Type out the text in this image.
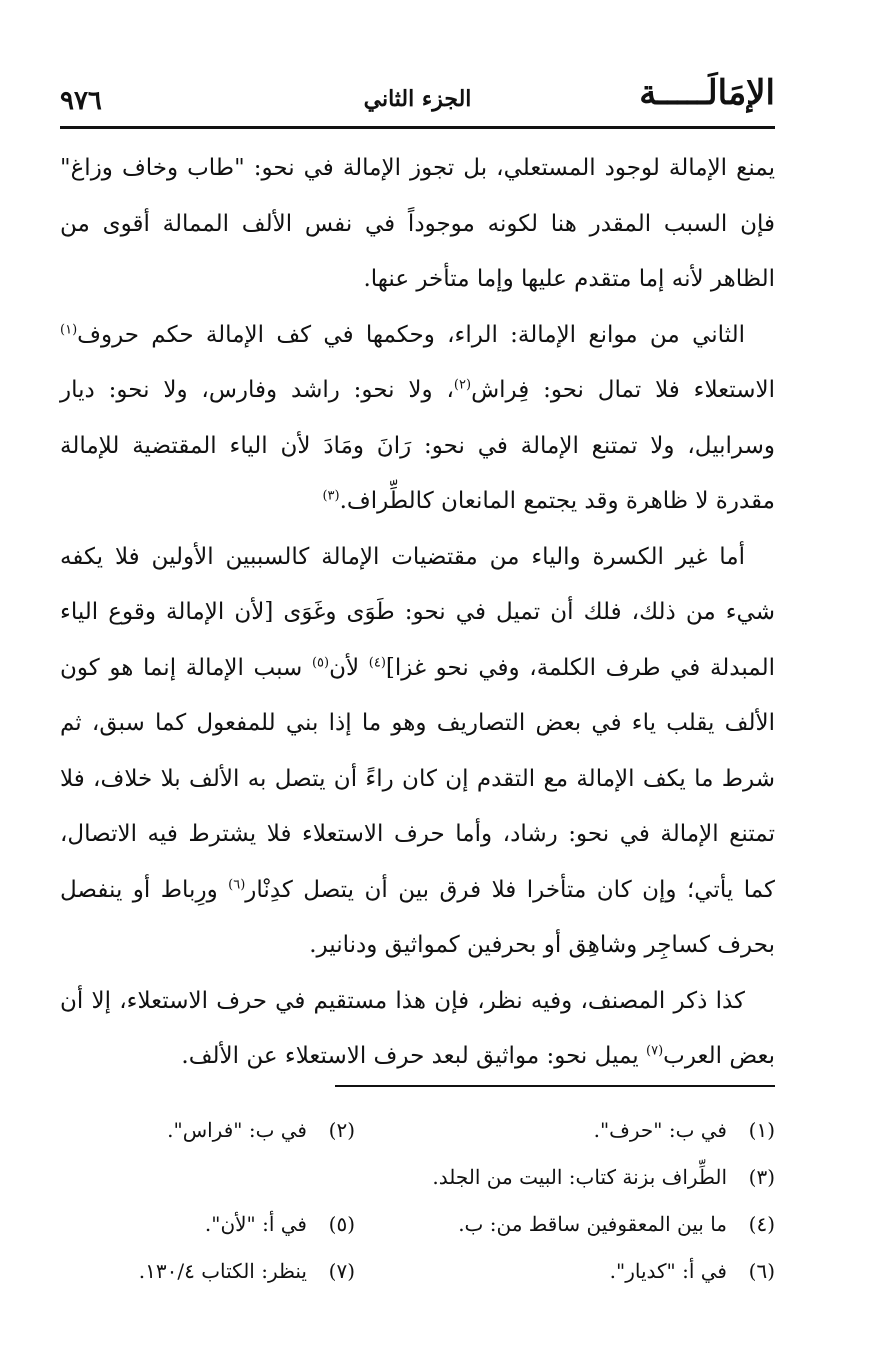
الإمَالَـــــة
الجزء الثاني
٩٧٦

يمنع الإمالة لوجود المستعلي، بل تجوز الإمالة في نحو: "طاب وخاف وزاغ" فإن السبب المقدر هنا لكونه موجوداً في نفس الألف الممالة أقوى من الظاهر لأنه إما متقدم عليها وإما متأخر عنها.

الثاني من موانع الإمالة: الراء، وحكمها في كف الإمالة حكم حروف$^{(١)}$ الاستعلاء فلا تمال نحو: فِراش$^{(٢)}$، ولا نحو: راشد وفارس، ولا نحو: ديار وسرابيل، ولا تمتنع الإمالة في نحو: رَانَ ومَادَ لأن الياء المقتضية للإمالة مقدرة لا ظاهرة وقد يجتمع المانعان كالطِّراف.$^{(٣)}$

أما غير الكسرة والياء من مقتضيات الإمالة كالسببين الأولين فلا يكفه شيء من ذلك، فلك أن تميل في نحو: طَوَى وغَوَى [لأن الإمالة وقوع الياء المبدلة في طرف الكلمة، وفي نحو غزا]$^{(٤)}$ لأن$^{(٥)}$ سبب الإمالة إنما هو كون الألف يقلب ياء في بعض التصاريف وهو ما إذا بني للمفعول كما سبق، ثم شرط ما يكف الإمالة مع التقدم إن كان راءً أن يتصل به الألف بلا خلاف، فلا تمتنع الإمالة في نحو: رشاد، وأما حرف الاستعلاء فلا يشترط فيه الاتصال، كما يأتي؛ وإن كان متأخرا فلا فرق بين أن يتصل كدِنْار$^{(٦)}$ ورِباط أو ينفصل بحرف كساجِر وشاهِق أو بحرفين كمواثيق ودنانير.

كذا ذكر المصنف، وفيه نظر، فإن هذا مستقيم في حرف الاستعلاء، إلا أن بعض العرب$^{(٧)}$ يميل نحو: مواثيق لبعد حرف الاستعلاء عن الألف.

(١)
في ب: "حرف".
(٢)
في ب: "فراس".
(٣)
الطِّراف بزنة كتاب: البيت من الجلد.
(٤)
ما بين المعقوفين ساقط من: ب.
(٥)
في أ: "لأن".
(٦)
في أ: "كديار".
(٧)
ينظر: الكتاب ١٣٠/٤.
